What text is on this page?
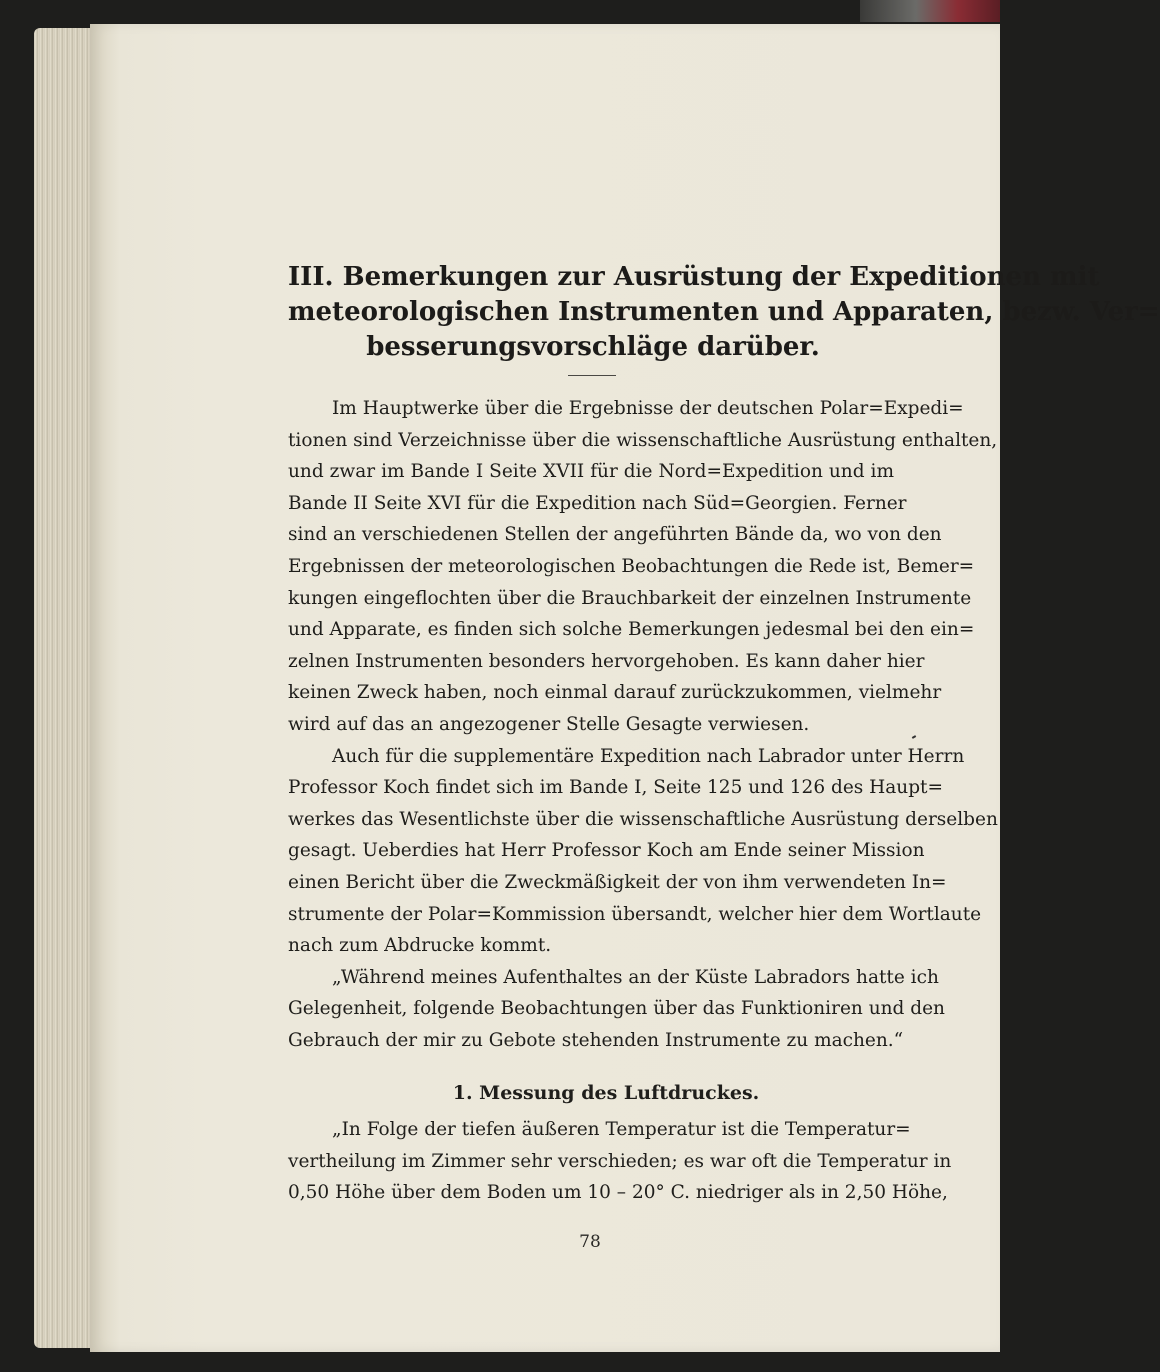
III. Bemerkungen zur Ausrüstung der Expeditionen mit
meteorologischen Instrumenten und Apparaten, bezw. Ver=
besserungsvorschläge darüber.
Im Hauptwerke über die Ergebnisse der deutschen Polar=Expedi=
tionen sind Verzeichnisse über die wissenschaftliche Ausrüstung enthalten,
und zwar im Bande I Seite XVII für die Nord=Expedition und im
Bande II Seite XVI für die Expedition nach Süd=Georgien. Ferner
sind an verschiedenen Stellen der angeführten Bände da, wo von den
Ergebnissen der meteorologischen Beobachtungen die Rede ist, Bemer=
kungen eingeflochten über die Brauchbarkeit der einzelnen Instrumente
und Apparate, es finden sich solche Bemerkungen jedesmal bei den ein=
zelnen Instrumenten besonders hervorgehoben. Es kann daher hier
keinen Zweck haben, noch einmal darauf zurückzukommen, vielmehr
wird auf das an angezogener Stelle Gesagte verwiesen.
Auch für die supplementäre Expedition nach Labrador unter Herrn
Professor Koch findet sich im Bande I, Seite 125 und 126 des Haupt=
werkes das Wesentlichste über die wissenschaftliche Ausrüstung derselben
gesagt. Ueberdies hat Herr Professor Koch am Ende seiner Mission
einen Bericht über die Zweckmäßigkeit der von ihm verwendeten In=
strumente der Polar=Kommission übersandt, welcher hier dem Wortlaute
nach zum Abdrucke kommt.
„Während meines Aufenthaltes an der Küste Labradors hatte ich
Gelegenheit, folgende Beobachtungen über das Funktioniren und den
Gebrauch der mir zu Gebote stehenden Instrumente zu machen.“
1. Messung des Luftdruckes.
„In Folge der tiefen äußeren Temperatur ist die Temperatur=
vertheilung im Zimmer sehr verschieden; es war oft die Temperatur in
0,50 Höhe über dem Boden um 10 – 20° C. niedriger als in 2,50 Höhe,
78
